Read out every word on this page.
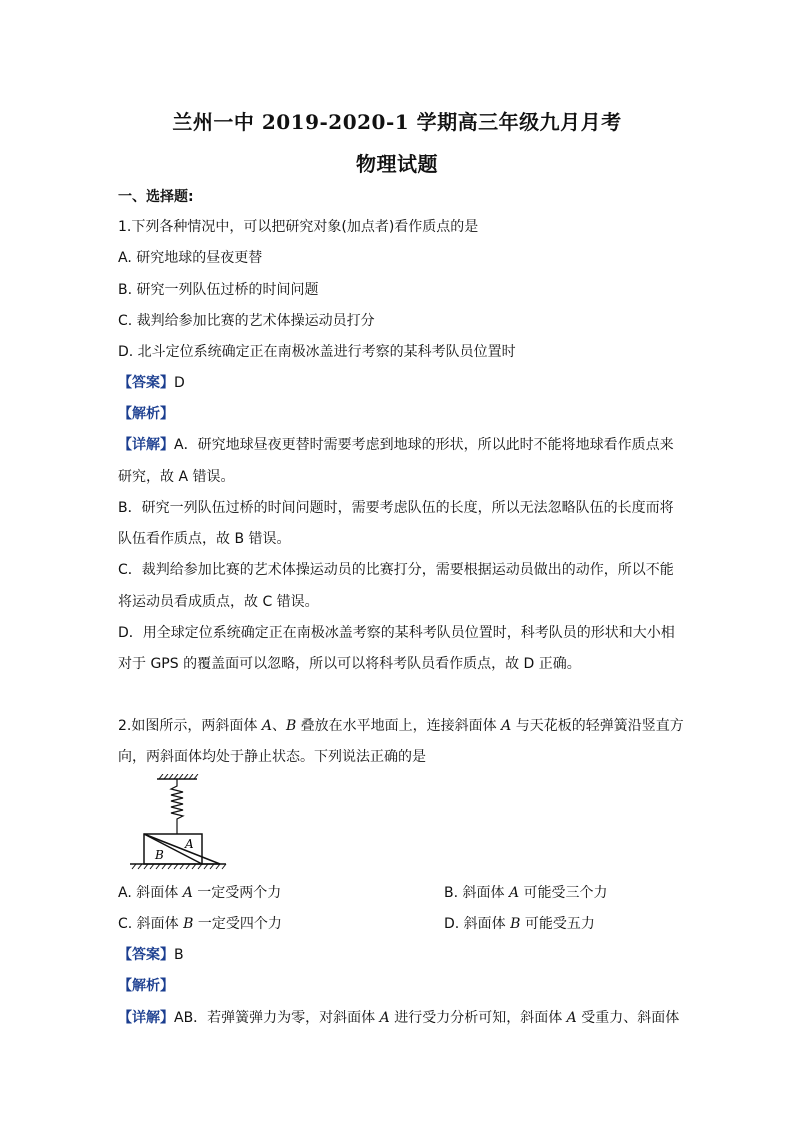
兰州一中 2019-2020-1 学期高三年级九月月考
物理试题
一、选择题:
1.下列各种情况中，可以把研究对象(加点者)看作质点的是
A. 研究地球的昼夜更替
B. 研究一列队伍过桥的时间问题
C. 裁判给参加比赛的艺术体操运动员打分
D. 北斗定位系统确定正在南极冰盖进行考察的某科考队员位置时
【答案】D
【解析】
【详解】A．研究地球昼夜更替时需要考虑到地球的形状，所以此时不能将地球看作质点来
研究，故 A 错误。
B．研究一列队伍过桥的时间问题时，需要考虑队伍的长度，所以无法忽略队伍的长度而将
队伍看作质点，故 B 错误。
C．裁判给参加比赛的艺术体操运动员的比赛打分，需要根据运动员做出的动作，所以不能
将运动员看成质点，故 C 错误。
D．用全球定位系统确定正在南极冰盖考察的某科考队员位置时，科考队员的形状和大小相
对于 GPS 的覆盖面可以忽略，所以可以将科考队员看作质点，故 D 正确。
2.如图所示，两斜面体 A、B 叠放在水平地面上，连接斜面体 A 与天花板的轻弹簧沿竖直方
向，两斜面体均处于静止状态。下列说法正确的是
A
B
A. 斜面体 A 一定受两个力	B. 斜面体 A 可能受三个力
C. 斜面体 B 一定受四个力	D. 斜面体 B 可能受五力
【答案】B
【解析】
【详解】AB．若弹簧弹力为零，对斜面体 A 进行受力分析可知，斜面体 A 受重力、斜面体
